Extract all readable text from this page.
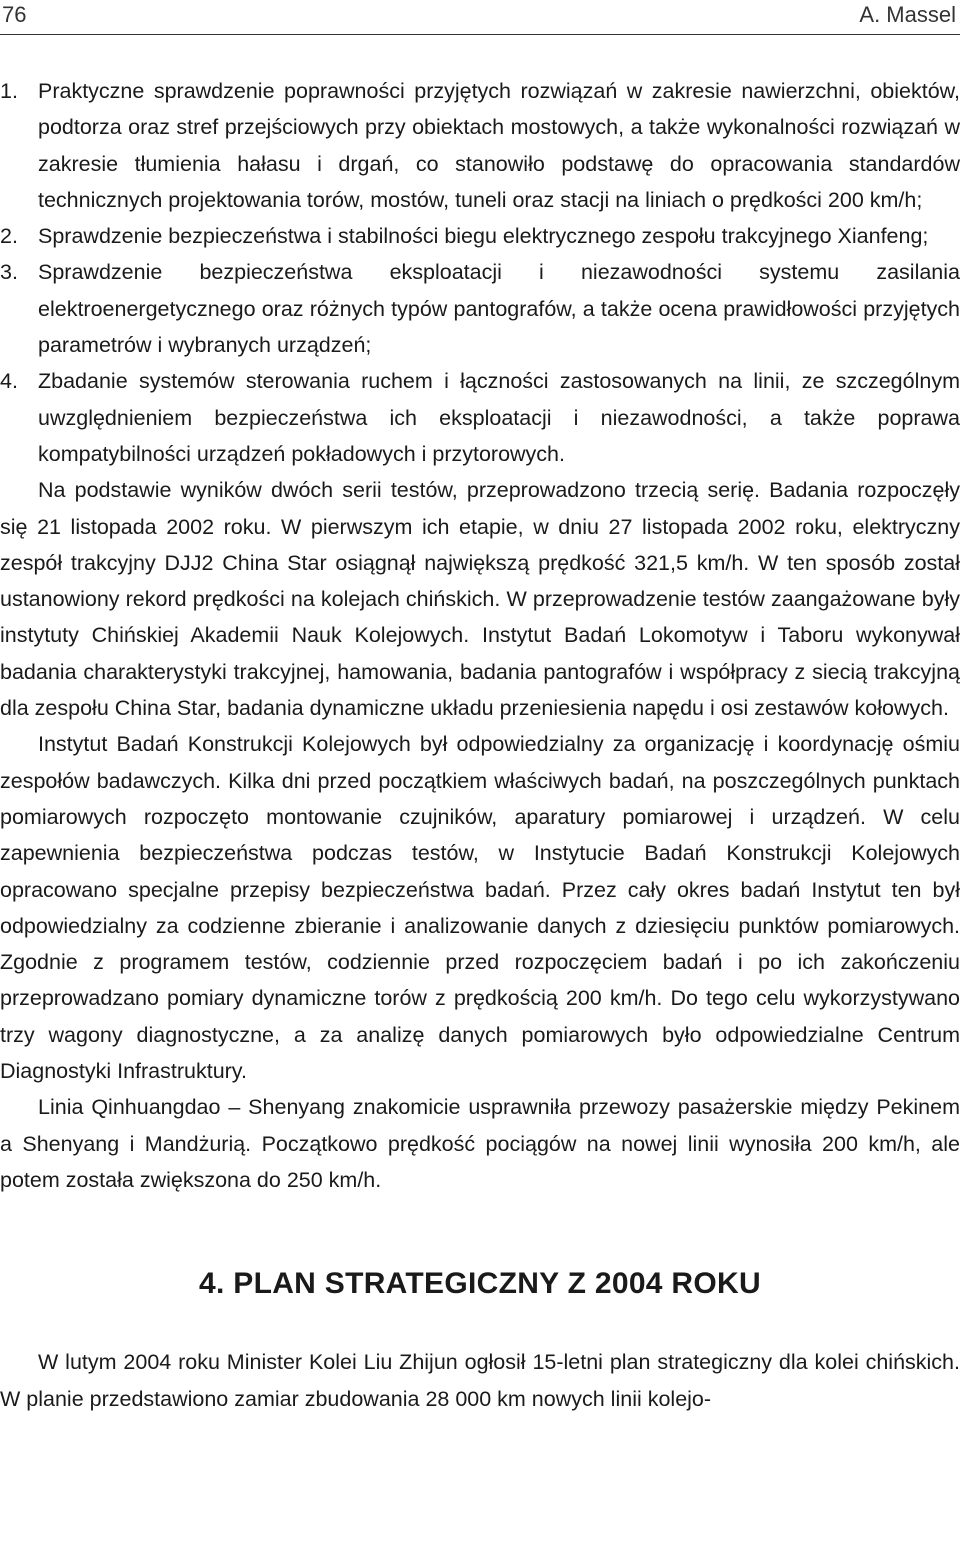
76	A. Massel
1. Praktyczne sprawdzenie poprawności przyjętych rozwiązań w zakresie nawierzchni, obiektów, podtorza oraz stref przejściowych przy obiektach mostowych, a także wykonalności rozwiązań w zakresie tłumienia hałasu i drgań, co stanowiło podstawę do opracowania standardów technicznych projektowania torów, mostów, tuneli oraz stacji na liniach o prędkości 200 km/h;
2. Sprawdzenie bezpieczeństwa i stabilności biegu elektrycznego zespołu trakcyjnego Xianfeng;
3. Sprawdzenie bezpieczeństwa eksploatacji i niezawodności systemu zasilania elektroenergetycznego oraz różnych typów pantografów, a także ocena prawidłowości przyjętych parametrów i wybranych urządzeń;
4. Zbadanie systemów sterowania ruchem i łączności zastosowanych na linii, ze szczególnym uwzględnieniem bezpieczeństwa ich eksploatacji i niezawodności, a także poprawa kompatybilności urządzeń pokładowych i przytorowych.

Na podstawie wyników dwóch serii testów, przeprowadzono trzecią serię. Badania rozpoczęły się 21 listopada 2002 roku. W pierwszym ich etapie, w dniu 27 listopada 2002 roku, elektryczny zespół trakcyjny DJJ2 China Star osiągnął największą prędkość 321,5 km/h. W ten sposób został ustanowiony rekord prędkości na kolejach chińskich. W przeprowadzenie testów zaangażowane były instytuty Chińskiej Akademii Nauk Kolejowych. Instytut Badań Lokomotyw i Taboru wykonywał badania charakterystyki trakcyjnej, hamowania, badania pantografów i współpracy z siecią trakcyjną dla zespołu China Star, badania dynamiczne układu przeniesienia napędu i osi zestawów kołowych.

Instytut Badań Konstrukcji Kolejowych był odpowiedzialny za organizację i koordynację ośmiu zespołów badawczych. Kilka dni przed początkiem właściwych badań, na poszczególnych punktach pomiarowych rozpoczęto montowanie czujników, aparatury pomiarowej i urządzeń. W celu zapewnienia bezpieczeństwa podczas testów, w Instytucie Badań Konstrukcji Kolejowych opracowano specjalne przepisy bezpieczeństwa badań. Przez cały okres badań Instytut ten był odpowiedzialny za codzienne zbieranie i analizowanie danych z dziesięciu punktów pomiarowych. Zgodnie z programem testów, codziennie przed rozpoczęciem badań i po ich zakończeniu przeprowadzano pomiary dynamiczne torów z prędkością 200 km/h. Do tego celu wykorzystywano trzy wagony diagnostyczne, a za analizę danych pomiarowych było odpowiedzialne Centrum Diagnostyki Infrastruktury.

Linia Qinhuangdao – Shenyang znakomicie usprawniła przewozy pasażerskie między Pekinem a Shenyang i Mandżurią. Początkowo prędkość pociągów na nowej linii wynosiła 200 km/h, ale potem została zwiększona do 250 km/h.

4. PLAN STRATEGICZNY Z 2004 ROKU

W lutym 2004 roku Minister Kolei Liu Zhijun ogłosił 15-letni plan strategiczny dla kolei chińskich. W planie przedstawiono zamiar zbudowania 28 000 km nowych linii kolejo-
